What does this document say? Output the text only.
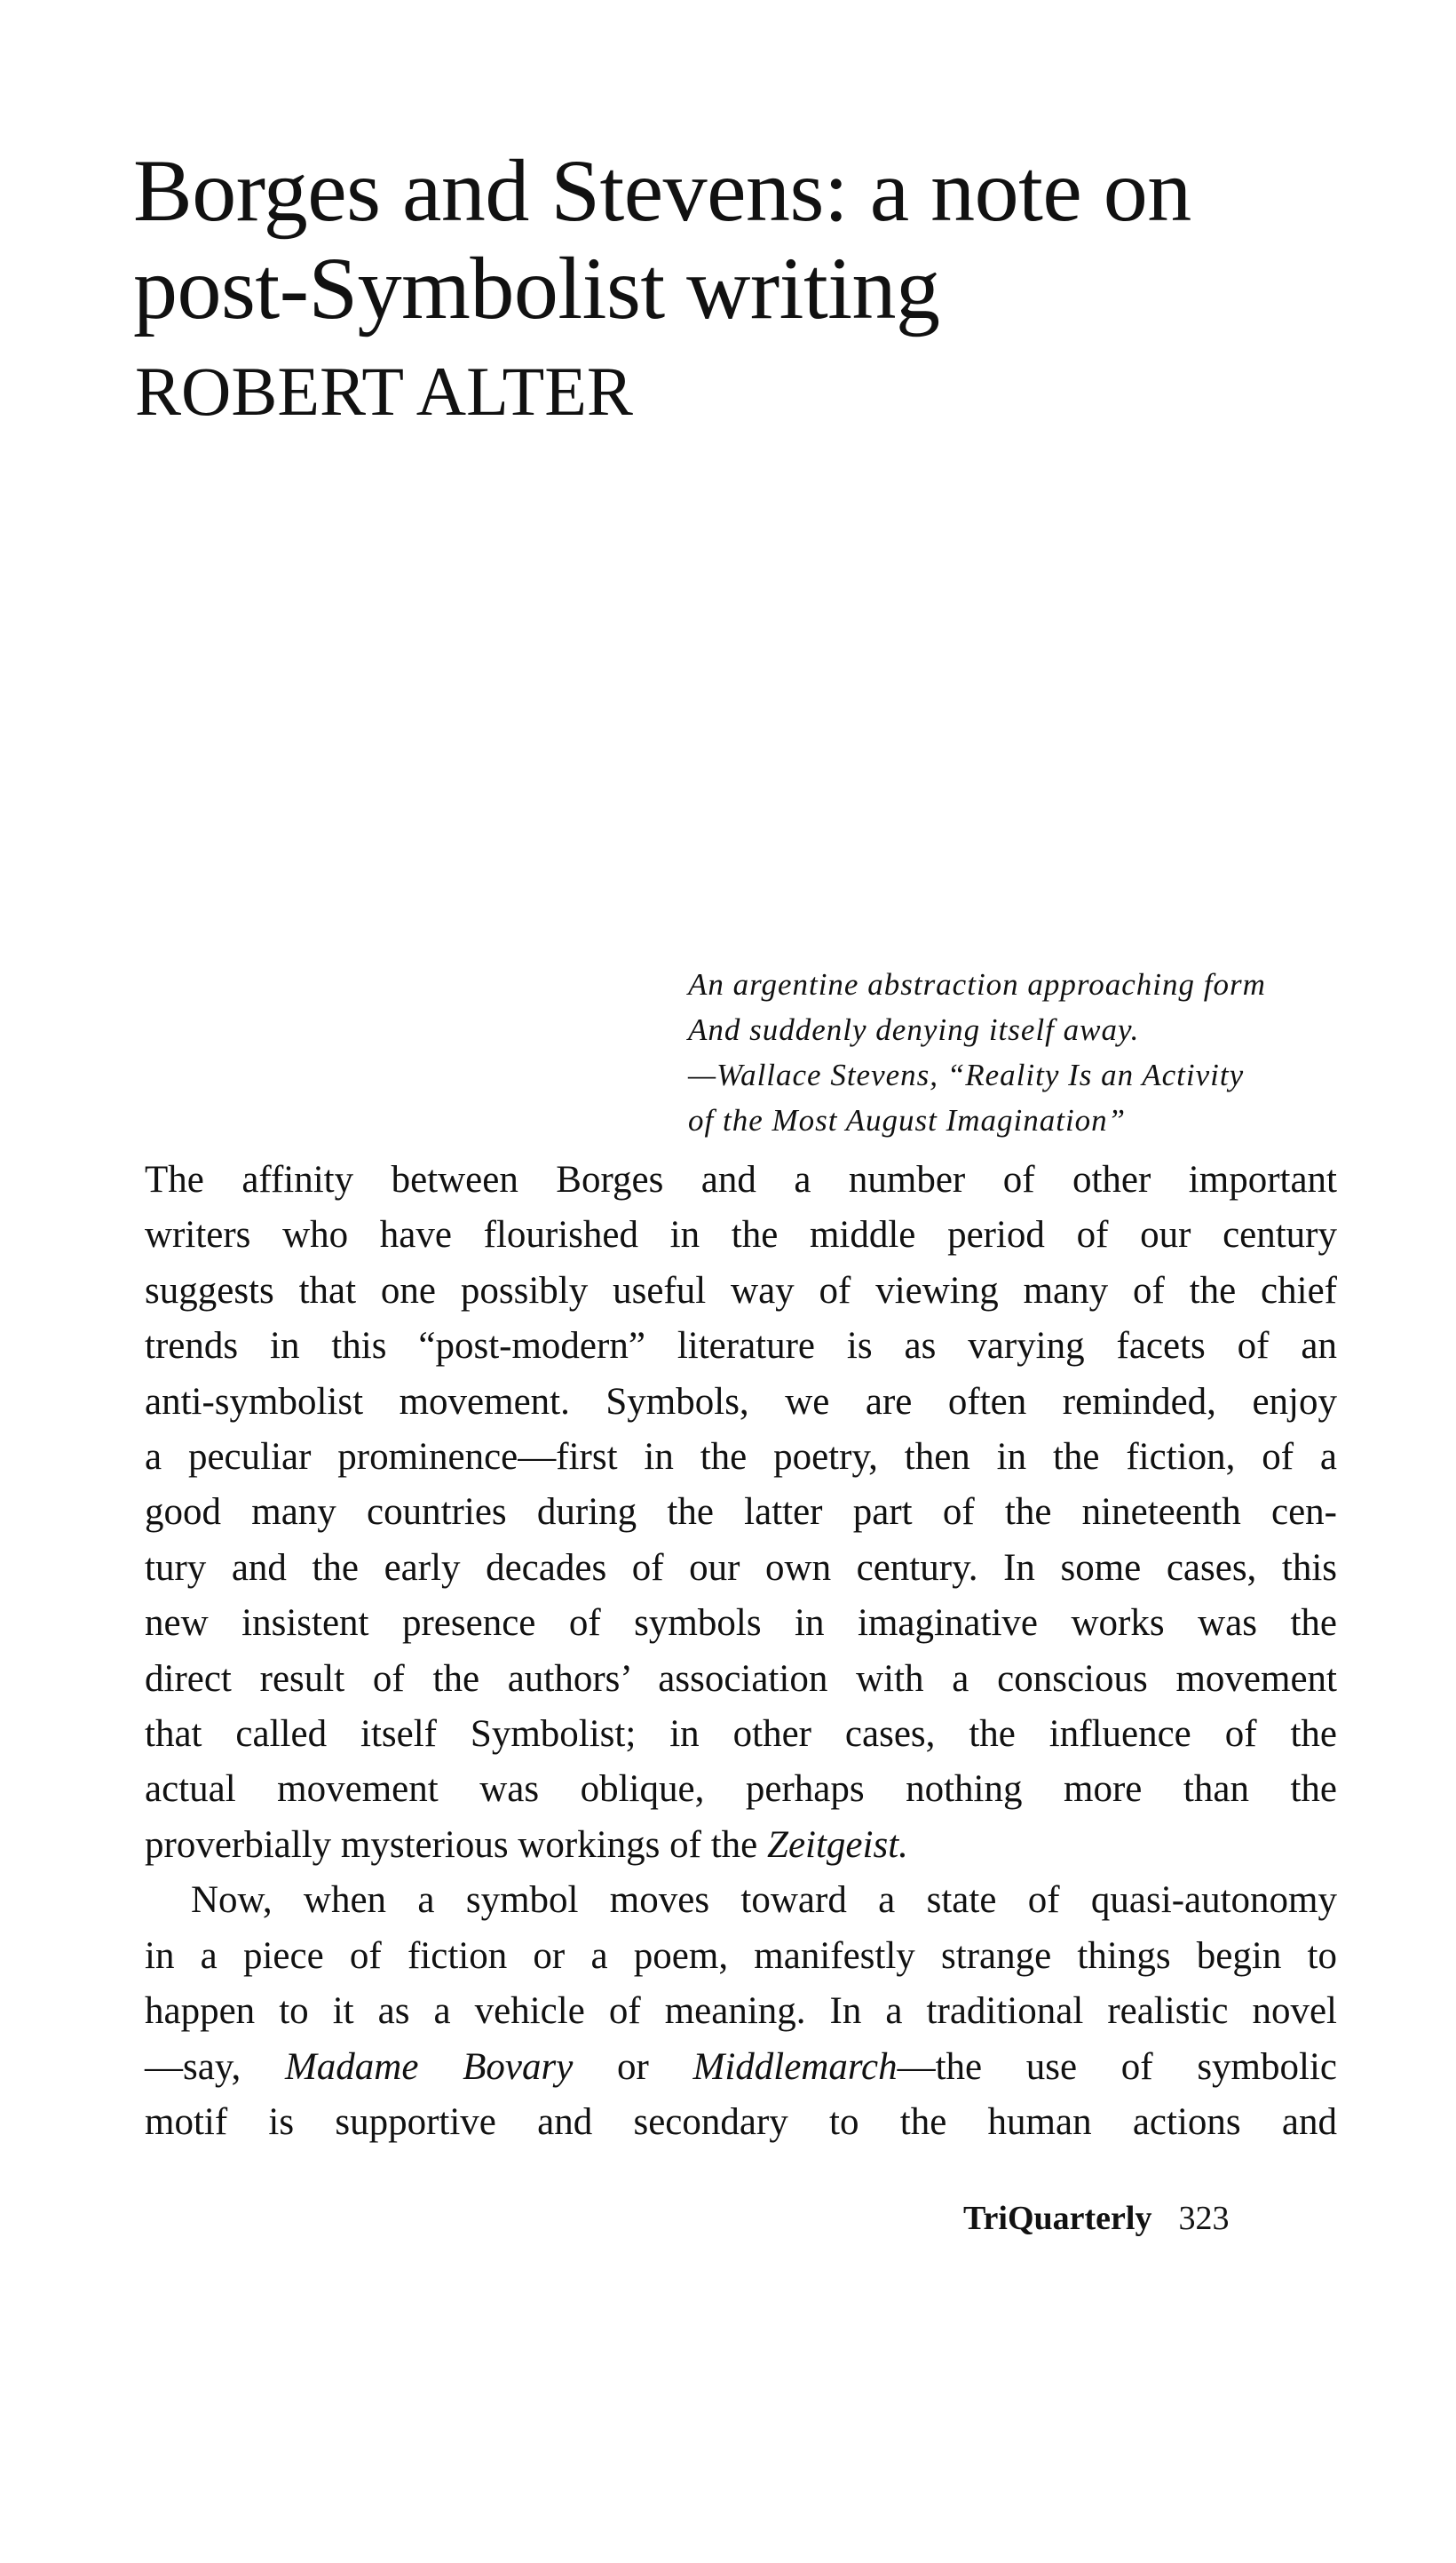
Borges and Stevens: a note on
post-Symbolist writing
ROBERT ALTER
An argentine abstraction approaching form
And suddenly denying itself away.
—Wallace Stevens, “Reality Is an Activity
of the Most August Imagination”

The affinity between Borges and a number of other important
writers who have flourished in the middle period of our century
suggests that one possibly useful way of viewing many of the chief
trends in this “post-modern” literature is as varying facets of an
anti-symbolist movement. Symbols, we are often reminded, enjoy
a peculiar prominence—first in the poetry, then in the fiction, of a
good many countries during the latter part of the nineteenth cen-
tury and the early decades of our own century. In some cases, this
new insistent presence of symbols in imaginative works was the
direct result of the authors’ association with a conscious movement
that called itself Symbolist; in other cases, the influence of the
actual movement was oblique, perhaps nothing more than the
proverbially mysterious workings of the Zeitgeist.

Now, when a symbol moves toward a state of quasi-autonomy
in a piece of fiction or a poem, manifestly strange things begin to
happen to it as a vehicle of meaning. In a traditional realistic novel
—say, Madame Bovary or Middlemarch—the use of symbolic
motif is supportive and secondary to the human actions and

TriQuarterly 323
